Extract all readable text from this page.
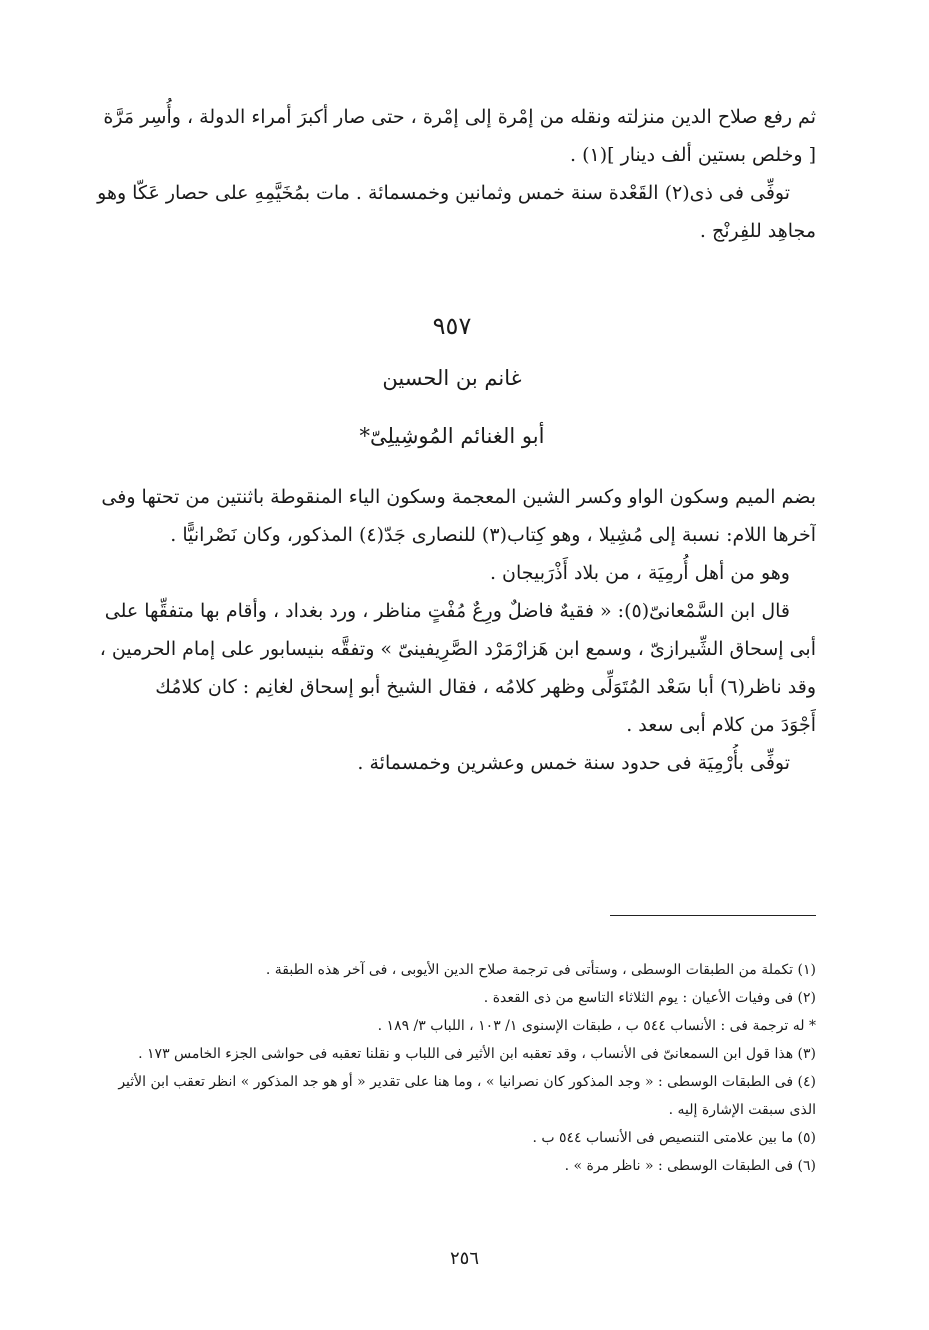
ثم رفع صلاح الدين منزلته ونقله من إمْرة إلى إمْرة ، حتى صار أكبرَ أمراء الدولة ، وأُسِر مَرَّة
[ وخلص بستين ألف دينار ](١) .
توفِّى فى ذى(٢) القَعْدة سنة خمس وثمانين وخمسمائة . مات بمُخَيَّمِهِ على حصار عَكّا وهو
مجاهِد للفِرنْج .
٩٥٧
غانم بن الحسين
أبو الغنائم المُوشِيلِىّ*
بضم الميم وسكون الواو وكسر الشين المعجمة وسكون الياء المنقوطة باثنتين من تحتها وفى
آخرها اللام: نسبة إلى مُشِيلا ، وهو كِتاب(٣) للنصارى جَدّ(٤) المذكور، وكان نَصْرانيًّا .
وهو من أهل أُرمِيَة ، من بلاد أَذْرَبيجان .
قال ابن السَّمْعانىّ(٥): « فقيهٌ فاضلٌ ورِعٌ مُفْتٍ مناظر ، ورد بغداد ، وأقام بها متفقِّها على
أبى إسحاق الشِّيرازىّ ، وسمع ابن هَزارْمَرْد الصَّرِيفينىّ » وتفقَّه بنيسابور على إمام الحرمين ،
وقد ناظر(٦) أبا سَعْد المُتَوَلِّى وظهر كلامُه ، فقال الشيخ أبو إسحاق لغانِم : كان كلامُك
أَجْوَدَ من كلام أبى سعد .
توفِّى بأُرْمِيَة فى حدود سنة خمس وعشرين وخمسمائة .
(١) تكملة من الطبقات الوسطى ، وستأتى فى ترجمة صلاح الدين الأيوبى ، فى آخر هذه الطبقة .
(٢) فى وفيات الأعيان : يوم الثلاثاء التاسع من ذى القعدة .
* له ترجمة فى : الأنساب ٥٤٤ ب ، طبقات الإسنوى ١/ ١٠٣ ، اللباب ٣/ ١٨٩ .
(٣) هذا قول ابن السمعانىّ فى الأنساب ، وقد تعقبه ابن الأثير فى اللباب و نقلنا تعقبه فى حواشى الجزء الخامس ١٧٣ .
(٤) فى الطبقات الوسطى : « وجد المذكور كان نصرانيا » ، وما هنا على تقدير « أو هو جد المذكور » انظر تعقب ابن الأثير
الذى سبقت الإشارة إليه .
(٥) ما بين علامتى التنصيص فى الأنساب ٥٤٤ ب .
(٦) فى الطبقات الوسطى : « ناظر مرة » .
٢٥٦
